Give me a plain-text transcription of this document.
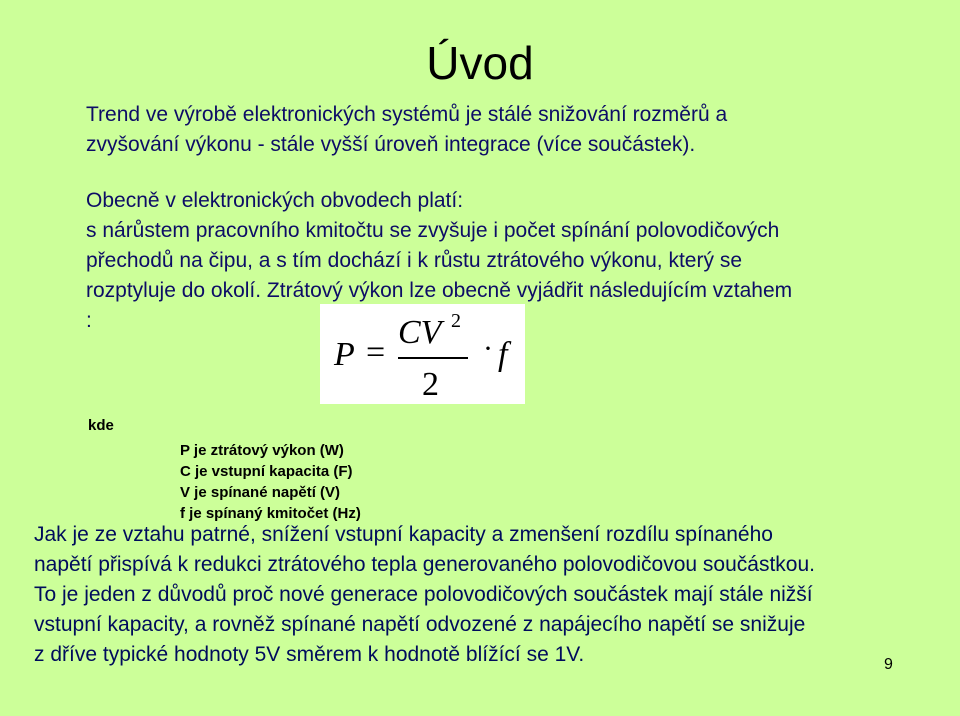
Úvod
Trend ve výrobě elektronických systémů je stálé snižování rozměrů a
zvyšování výkonu - stále vyšší úroveň integrace (více součástek).
Obecně v elektronických obvodech platí:
s nárůstem pracovního kmitočtu se zvyšuje i počet spínání polovodičových
přechodů na čipu, a s tím dochází i k růstu ztrátového výkonu, který se
rozptyluje do okolí. Ztrátový výkon lze obecně vyjádřit následujícím vztahem
:
P =
CV 2
2
· f
kde
P je ztrátový výkon (W)
C je vstupní kapacita (F)
V je spínané napětí (V)
f je spínaný kmitočet (Hz)
Jak je ze vztahu patrné, snížení vstupní kapacity a zmenšení rozdílu spínaného
napětí přispívá k redukci ztrátového tepla generovaného polovodičovou součástkou.
To je jeden z důvodů proč nové generace polovodičových součástek mají stále nižší
vstupní kapacity, a rovněž spínané napětí odvozené z napájecího napětí se snižuje
z dříve typické hodnoty 5V směrem k hodnotě blížící se 1V.	9
